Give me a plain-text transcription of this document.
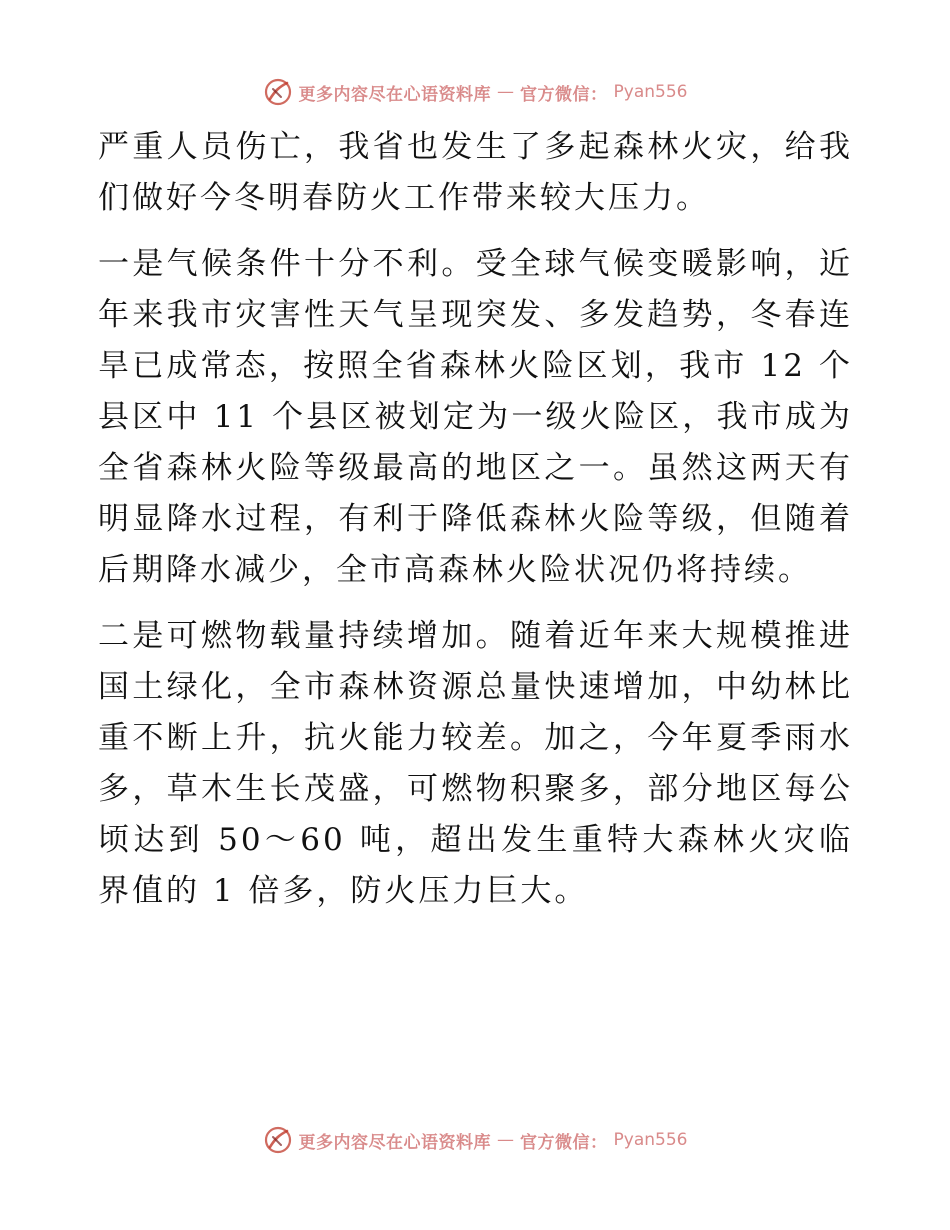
更多内容尽在心语资料库 — 官方微信： Pyan556

严重人员伤亡，我省也发生了多起森林火灾，给我们做好今冬明春防火工作带来较大压力。

一是气候条件十分不利。受全球气候变暖影响，近年来我市灾害性天气呈现突发、多发趋势，冬春连旱已成常态，按照全省森林火险区划，我市 12 个县区中 11 个县区被划定为一级火险区，我市成为全省森林火险等级最高的地区之一。虽然这两天有明显降水过程，有利于降低森林火险等级，但随着后期降水减少，全市高森林火险状况仍将持续。

二是可燃物载量持续增加。随着近年来大规模推进国土绿化，全市森林资源总量快速增加，中幼林比重不断上升，抗火能力较差。加之，今年夏季雨水多，草木生长茂盛，可燃物积聚多，部分地区每公顷达到 50～60 吨，超出发生重特大森林火灾临界值的 1 倍多，防火压力巨大。

更多内容尽在心语资料库 — 官方微信： Pyan556
